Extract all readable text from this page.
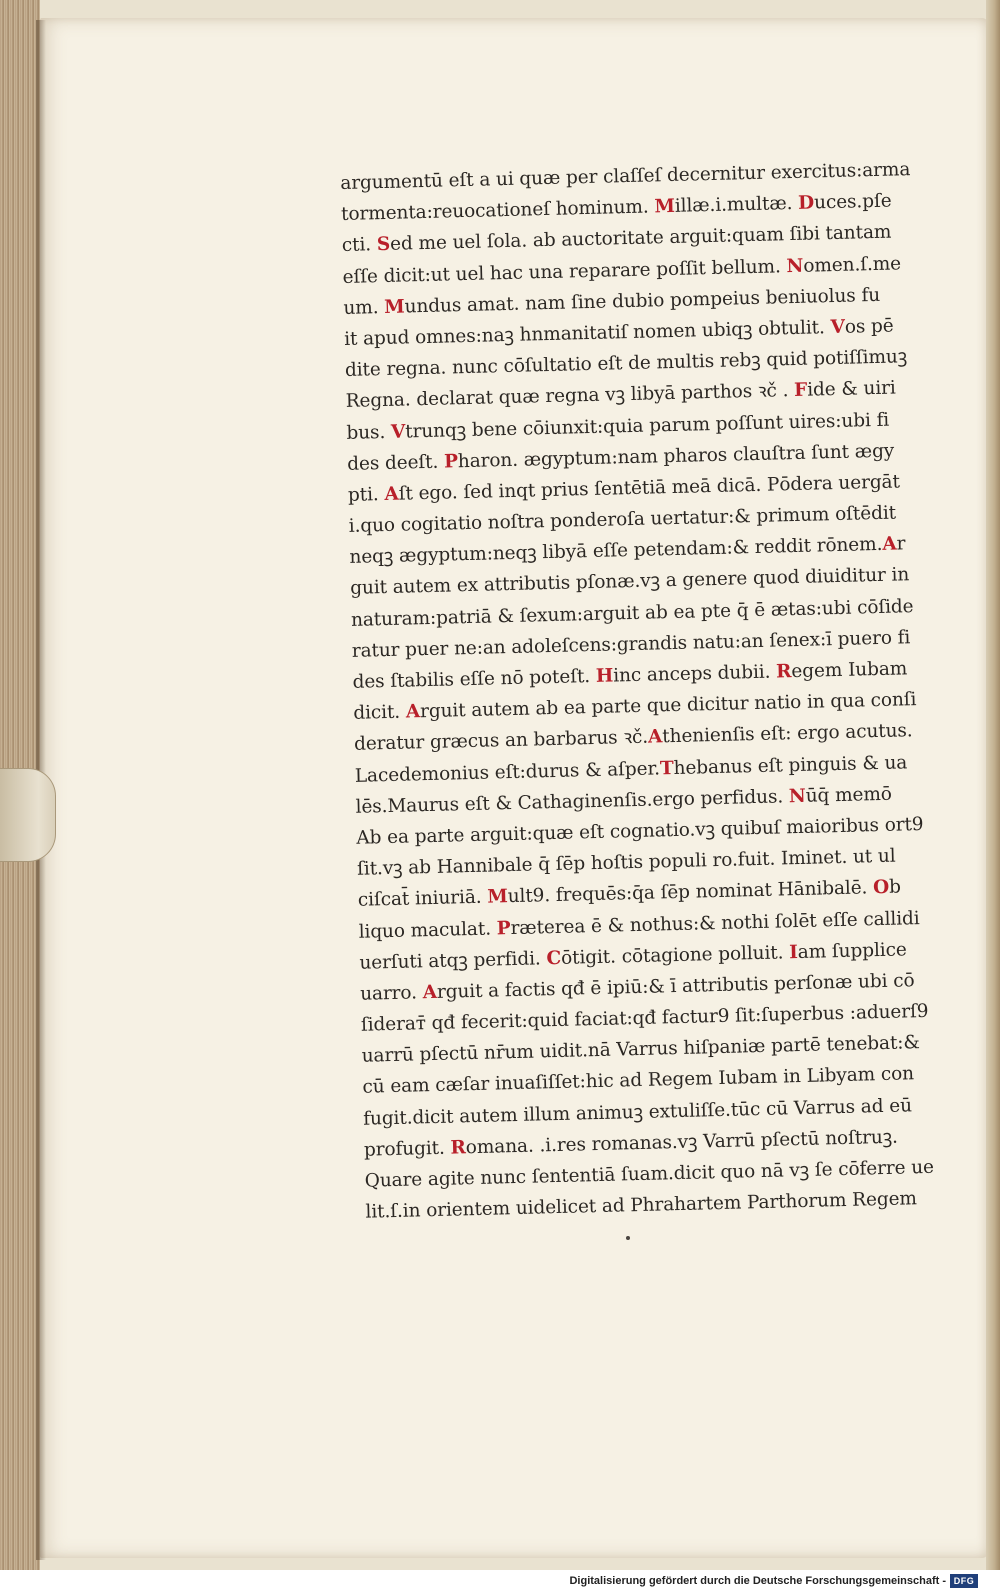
argumentū eſt a ui quæ per claſſeſ decernitur exercitus:arma
tormenta:reuocationeſ hominum. Millæ.i.multæ. Duces.pſe
cti. Sed me uel ſola. ab auctoritate arguit:quam ſibi tantam
eſſe dicit:ut uel hac una reparare poſſit bellum. Nomen.ſ.me
um. Mundus amat. nam ſine dubio pompeius beniuolus fu
it apud omnes:naꝫ hnmanitatiſ nomen ubiqꝫ obtulit. Vos pē
dite regna. nunc cōſultatio eſt de multis rebꝫ quid potiſſimuꝫ
Regna. declarat quæ regna vꝫ libyā parthos ꝛč . Fide & uiri
bus. Vtrunqꝫ bene cōiunxit:quia parum poſſunt uires:ubi fi
des deeſt. Pharon. ægyptum:nam pharos clauſtra ſunt ægy
pti. Aſt ego. ſed inqt prius ſentētiā meā dicā. Pōdera uergāt
i.quo cogitatio noſtra ponderoſa uertatur:& primum oſtēdit
neqꝫ ægyptum:neqꝫ libyā eſſe petendam:& reddit rōnem.Ar
guit autem ex attributis pſonæ.vꝫ a genere quod diuiditur in
naturam:patriā & ſexum:arguit ab ea pte q̄ ē ætas:ubi cōſide
ratur puer ne:an adoleſcens:grandis natu:an ſenex:ī puero fi
des ſtabilis eſſe nō poteſt. Hinc anceps dubii. Regem Iubam
dicit. Arguit autem ab ea parte que dicitur natio in qua conſi
deratur græcus an barbarus ꝛč.Athenienſis eſt: ergo acutus.
Lacedemonius eſt:durus & aſper.Thebanus eſt pinguis & ua
lēs.Maurus eſt & Cathaginenſis.ergo perfidus. Nūq̄ memō
Ab ea parte arguit:quæ eſt cognatio.vꝫ quibuſ maioribus ort9
ſit.vꝫ ab Hannibale q̄ ſēp hoſtis populi ro.fuit. Iminet. ut ul
ciſcat̄ iniuriā. Mult9. frequēs:q̄a ſēp nominat Hānibalē. Ob
liquo maculat. Præterea ē & nothus:& nothi ſolēt eſſe callidi
uerſuti atqꝫ perfidi. Cōtigit. cōtagione polluit. Iam ſupplice
uarro. Arguit a factis qđ ē ipiū:& ī attributis perſonæ ubi cō
ſideraт̄ qđ fecerit:quid faciat:qđ factur9 ſit:ſuperbus :aduerſ9
uarrū pſectū nr̄um uidit.nā Varrus hiſpaniæ partē tenebat:&
cū eam cæſar inuaſiſſet:hic ad Regem Iubam in Libyam con
fugit.dicit autem illum animuꝫ extuliſſe.tūc cū Varrus ad eū
profugit. Romana. .i.res romanas.vꝫ Varrū pſectū noſtruꝫ.
Quare agite nunc ſententiā ſuam.dicit quo nā vꝫ ſe cōferre ue
lit.ſ.in orientem uidelicet ad Phrahartem Parthorum Regem
Digitalisierung gefördert durch die Deutsche Forschungsgemeinschaft - DFG
